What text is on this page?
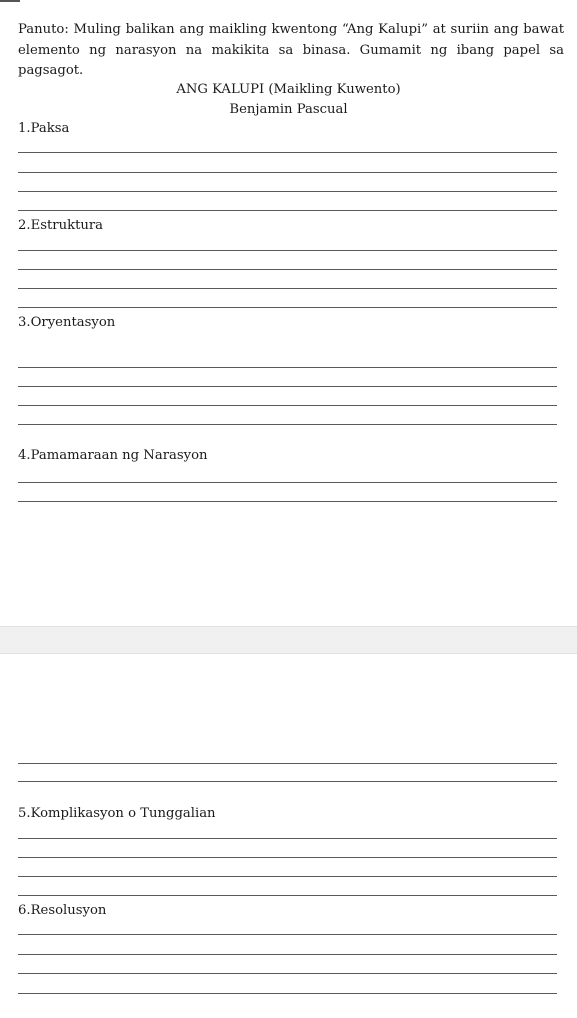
Panuto: Muling balikan ang maikling kwentong “Ang Kalupi” at suriin ang bawat elemento ng narasyon na makikita sa binasa. Gumamit ng ibang papel sa pagsagot.
ANG KALUPI (Maikling Kuwento)
Benjamin Pascual
1.Paksa
2.Estruktura
3.Oryentasyon
4.Pamamaraan ng Narasyon
5.Komplikasyon o Tunggalian
6.Resolusyon
